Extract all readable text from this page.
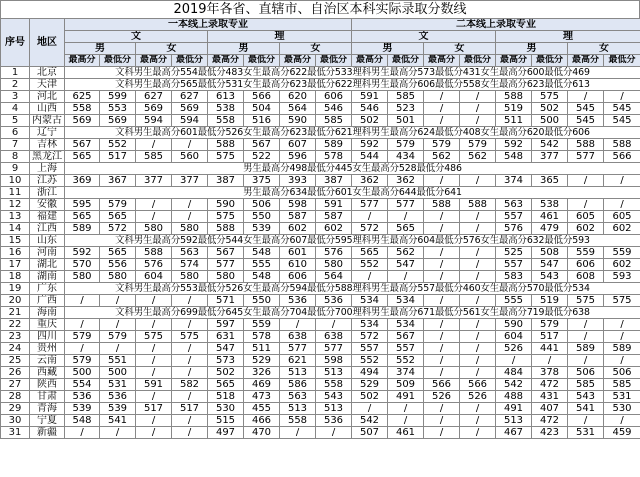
2019年各省、直辖市、自治区本科实际录取分数线
序号	地区	一本线上录取专业								二本线上录取专业							
		文				理				文				理			
		男		女		男		女		男		女		男		女	
		最高分	最低分	最高分	最低分	最高分	最低分	最高分	最低分	最高分	最低分	最高分	最低分	最高分	最低分	最高分	最低分
1	北京	文科男生最高分554最低分483女生最高分622最低分533理科男生最高分573最低分431女生最高分600最低分469															
2	天津	文科男生最高分565最低分531女生最高分623最低分622理科男生最高分606最低分558女生最高分623最低分613															
3	河北	625	599	627	627	613	566	620	606	591	585	/	/	588	575	/	/
4	山西	558	553	569	569	538	504	564	546	546	523	/	/	519	502	545	545
5	内蒙古	569	569	594	594	558	516	590	585	502	501	/	/	511	500	545	545
6	辽宁	文科男生最高分601最低分526女生最高分623最低分621理科男生最高分624最低分408女生最高分620最低分606															
7	吉林	567	552	/	/	588	567	607	589	592	579	579	579	592	542	588	588
8	黑龙江	565	517	585	560	575	522	596	578	544	434	562	562	548	377	577	566
9	上海	男生最高分498最低分445女生最高分528最低分486															
10	江苏	369	367	377	377	387	375	393	387	362	362	/	/	374	365	/	/
11	浙江	男生最高分634最低分601女生最高分644最低分641															
12	安徽	595	579	/	/	590	506	598	591	577	577	588	588	563	538	/	/
13	福建	565	565	/	/	575	550	587	587	/	/	/	/	557	461	605	605
14	江西	589	572	580	580	588	539	602	602	572	565	/	/	576	479	602	602
15	山东	文科男生最高分592最低分544女生最高分607最低分595理科男生最高分604最低分576女生最高分632最低分593															
16	河南	592	565	588	563	567	548	601	576	565	562	/	/	525	508	559	559
17	湖北	570	556	576	574	577	555	610	580	552	547	/	/	557	547	606	602
18	湖南	580	580	604	580	580	548	606	564	/	/	/	/	583	543	608	593
19	广东	文科男生最高分553最低分526女生最高分594最低分588理科男生最高分557最低分460女生最高分570最低分534															
20	广西	/	/	/	/	571	550	536	536	534	534	/	/	555	519	575	575
21	海南	文科男生最高分699最低分645女生最高分704最低分700理科男生最高分671最低分561女生最高分719最低分638															
22	重庆	/	/	/	/	597	559	/	/	534	534	/	/	590	579	/	/
23	四川	579	579	575	575	631	578	638	638	572	567	/	/	604	517	/	/
24	贵州	/	/	/	/	547	511	577	577	557	557	/	/	526	441	589	589
25	云南	579	551	/	/	573	529	621	598	552	552	/	/	/	/	/	/
26	西藏	500	500	/	/	502	326	513	513	494	374	/	/	484	378	506	506
27	陕西	554	531	591	582	565	469	586	558	529	509	566	566	542	472	585	585
28	甘肃	536	536	/	/	518	473	563	543	502	491	526	526	488	431	543	531
29	青海	539	539	517	517	530	455	513	513	/	/	/	/	491	407	541	530
30	宁夏	548	541	/	/	515	466	558	536	542	/	/	/	513	472	/	/
31	新疆	/	/	/	/	497	470	/	/	507	461	/	/	467	423	531	459
